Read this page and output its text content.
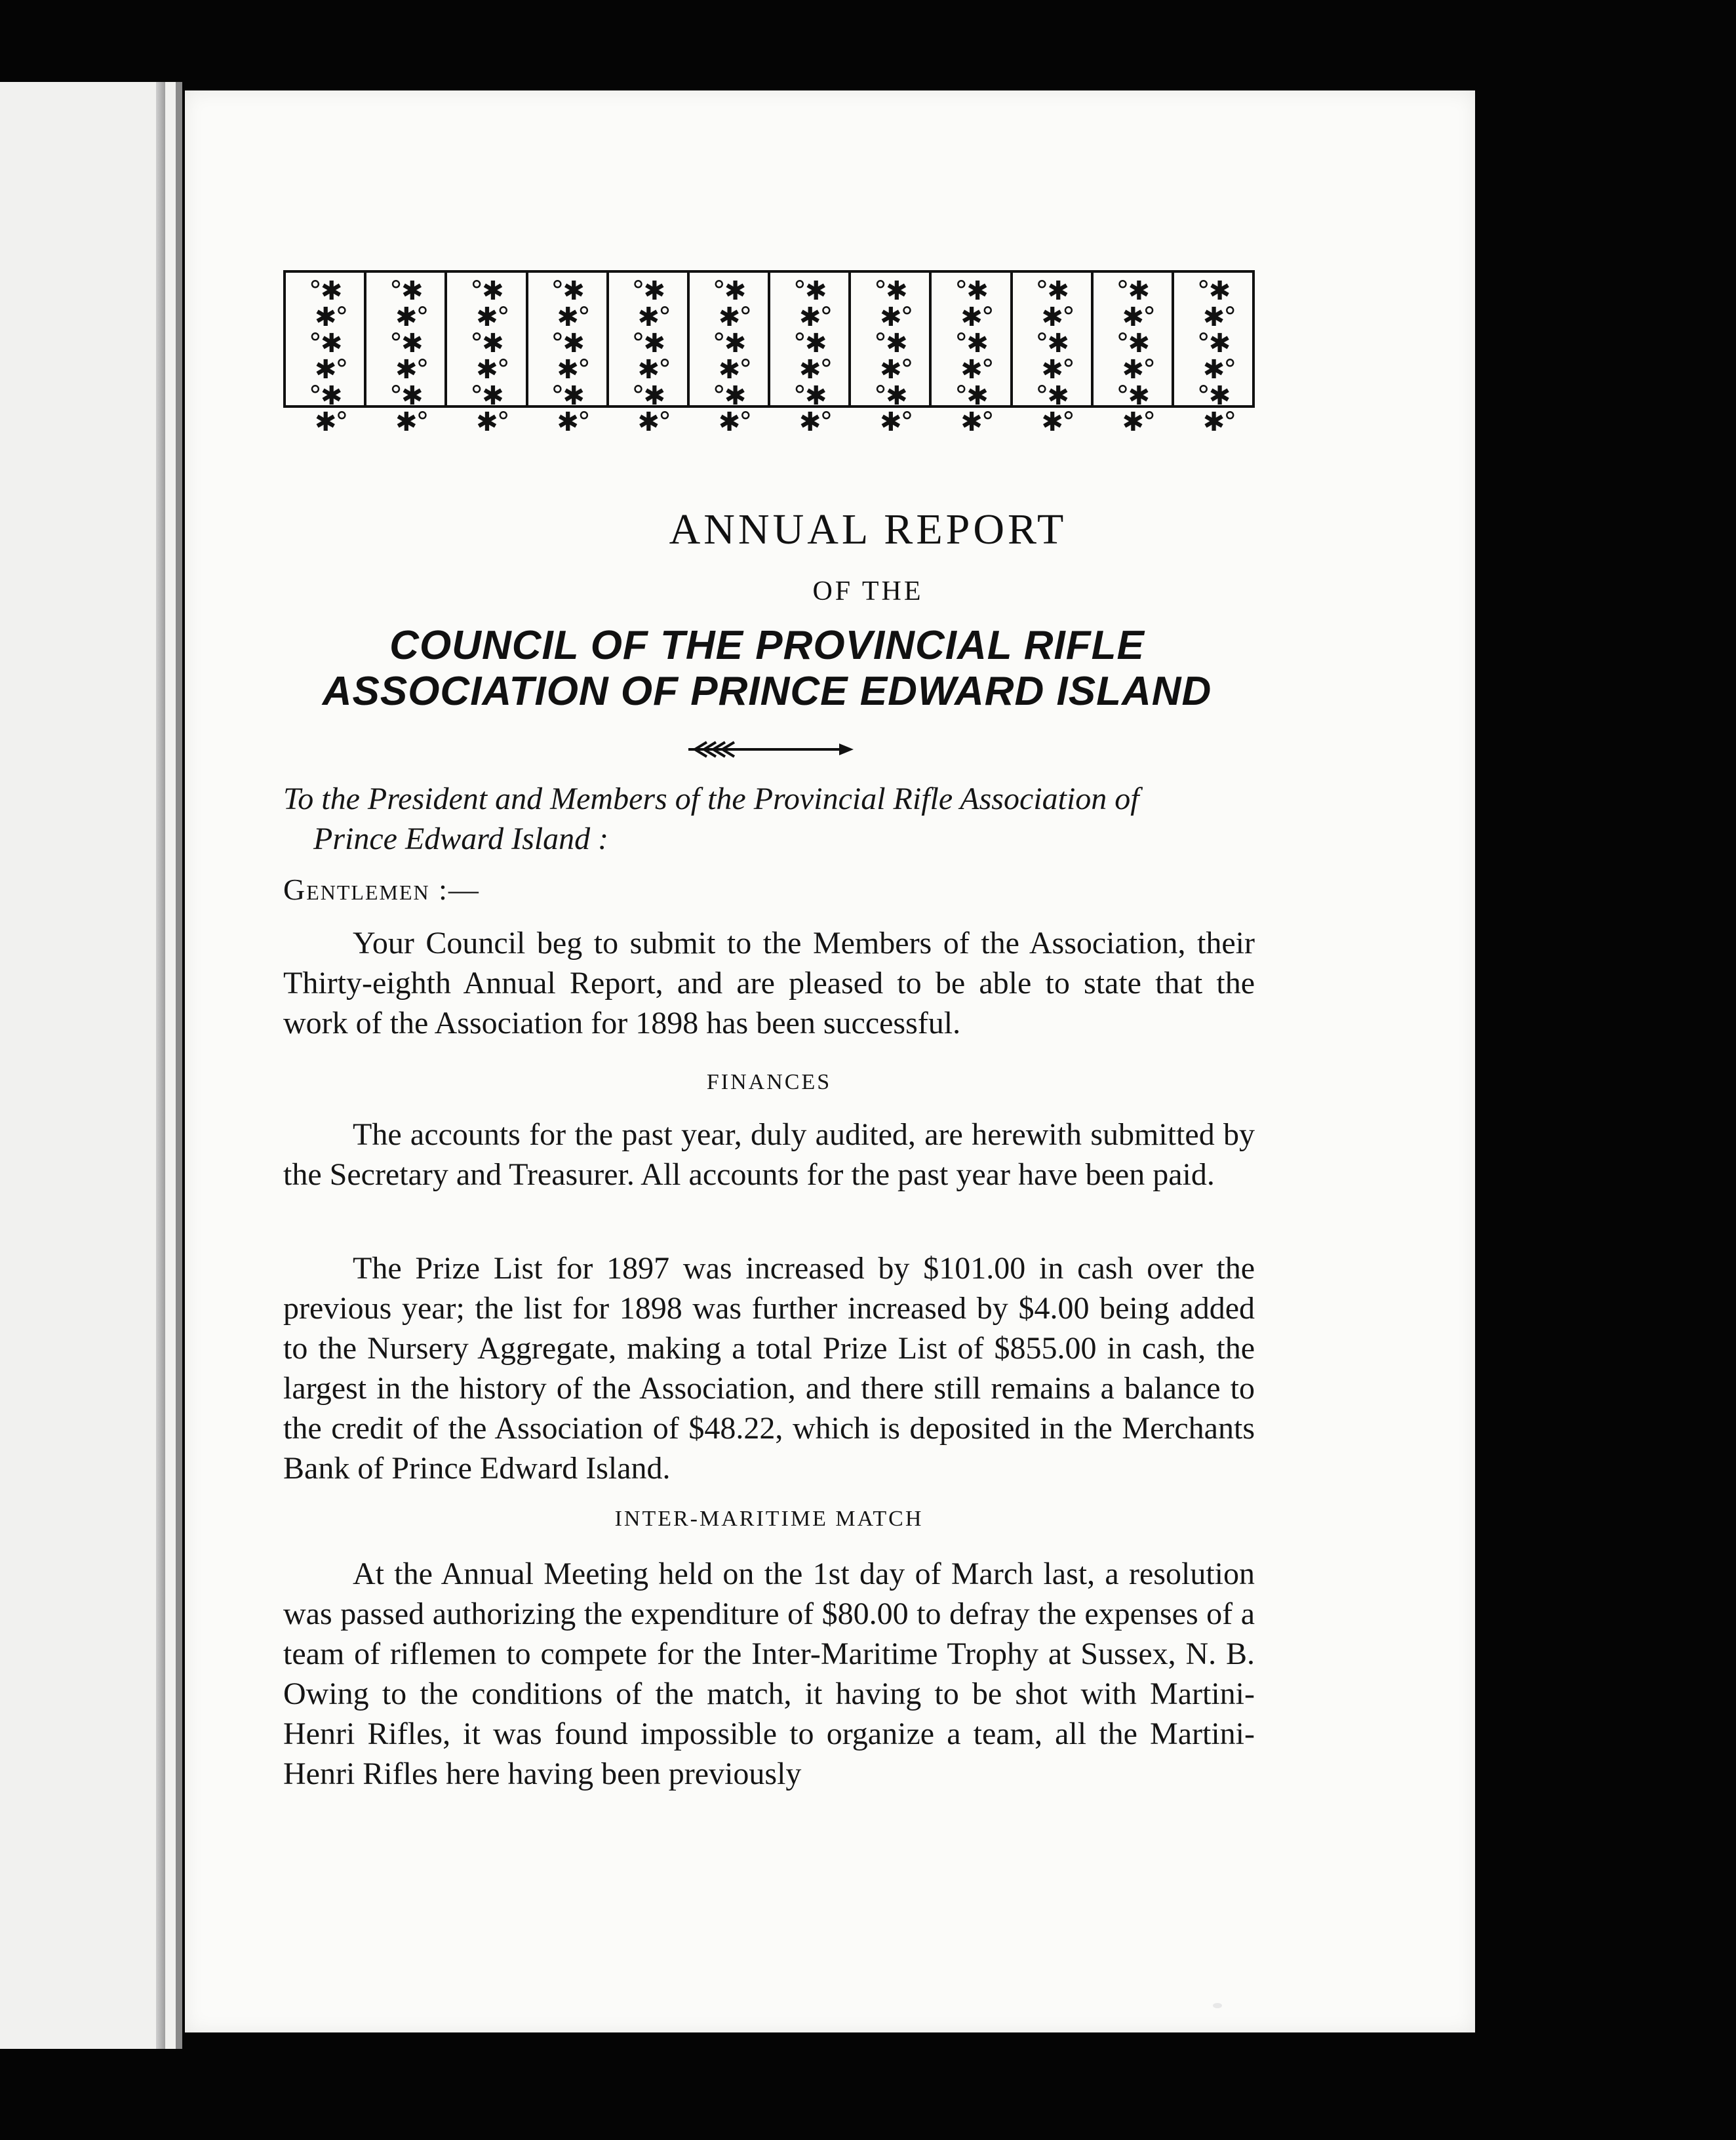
°✱
✱°
°✱
✱°
°✱
✱°
°✱
✱°
°✱
✱°
°✱
✱°
°✱
✱°
°✱
✱°
°✱
✱°
°✱
✱°
°✱
✱°
°✱
✱°
°✱
✱°
°✱
✱°
°✱
✱°
°✱
✱°
°✱
✱°
°✱
✱°
°✱
✱°
°✱
✱°
°✱
✱°
°✱
✱°
°✱
✱°
°✱
✱°
°✱
✱°
°✱
✱°
°✱
✱°
°✱
✱°
°✱
✱°
°✱
✱°
°✱
✱°
°✱
✱°
°✱
✱°
°✱
✱°
°✱
✱°
°✱
✱°
ANNUAL REPORT
OF THE
COUNCIL OF THE PROVINCIAL RIFLE ASSOCIATION OF PRINCE EDWARD ISLAND
To the President and Members of the Provincial Rifle Association of
Prince Edward Island :
Gentlemen :—
Your Council beg to submit to the Members of the Association, their Thirty-eighth Annual Report, and are pleased to be able to state that the work of the Association for 1898 has been successful.
FINANCES
The accounts for the past year, duly audited, are herewith submitted by the Secretary and Treasurer. All accounts for the past year have been paid.
The Prize List for 1897 was increased by $101.00 in cash over the previous year; the list for 1898 was further increased by $4.00 being added to the Nursery Aggregate, making a total Prize List of $855.00 in cash, the largest in the history of the Association, and there still remains a balance to the credit of the Association of $48.22, which is deposited in the Merchants Bank of Prince Edward Island.
INTER-MARITIME MATCH
At the Annual Meeting held on the 1st day of March last, a resolution was passed authorizing the expenditure of $80.00 to defray the expenses of a team of riflemen to compete for the Inter-Maritime Trophy at Sussex, N. B. Owing to the conditions of the match, it having to be shot with Martini-Henri Rifles, it was found impossible to organize a team, all the Martini-Henri Rifles here having been previously
